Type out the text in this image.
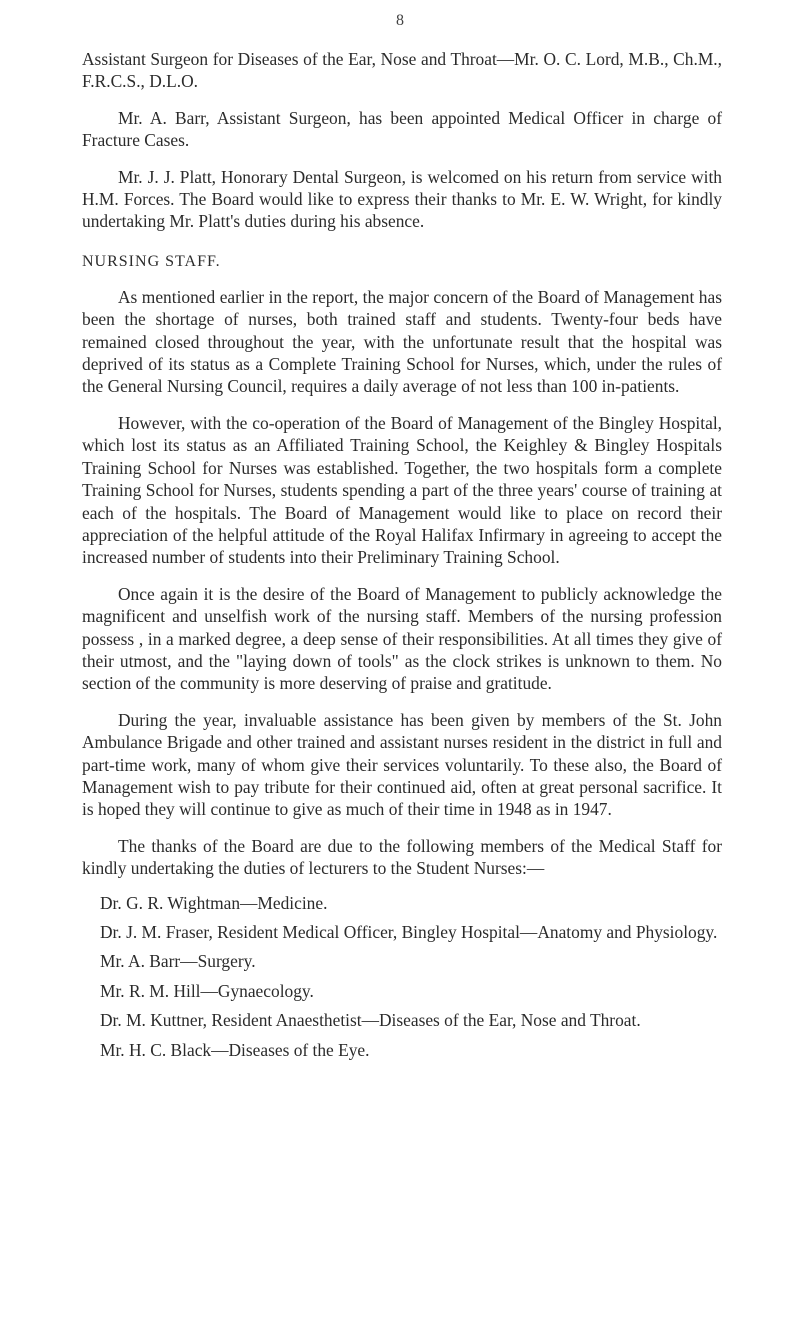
8

Assistant Surgeon for Diseases of the Ear, Nose and Throat—Mr. O. C. Lord, M.B., Ch.M., F.R.C.S., D.L.O.

Mr. A. Barr, Assistant Surgeon, has been appointed Medical Officer in charge of Fracture Cases.

Mr. J. J. Platt, Honorary Dental Surgeon, is welcomed on his return from service with H.M. Forces. The Board would like to express their thanks to Mr. E. W. Wright, for kindly undertaking Mr. Platt's duties during his absence.

NURSING STAFF.

As mentioned earlier in the report, the major concern of the Board of Management has been the shortage of nurses, both trained staff and students. Twenty-four beds have remained closed throughout the year, with the unfortunate result that the hospital was deprived of its status as a Complete Training School for Nurses, which, under the rules of the General Nursing Council, requires a daily average of not less than 100 in-patients.

However, with the co-operation of the Board of Management of the Bingley Hospital, which lost its status as an Affiliated Training School, the Keighley & Bingley Hospitals Training School for Nurses was established. Together, the two hospitals form a complete Training School for Nurses, students spending a part of the three years' course of training at each of the hospitals. The Board of Management would like to place on record their appreciation of the helpful attitude of the Royal Halifax Infirmary in agreeing to accept the increased number of students into their Preliminary Training School.

Once again it is the desire of the Board of Management to publicly acknowledge the magnificent and unselfish work of the nursing staff. Members of the nursing profession possess , in a marked degree, a deep sense of their responsibilities. At all times they give of their utmost, and the "laying down of tools" as the clock strikes is unknown to them. No section of the community is more deserving of praise and gratitude.

During the year, invaluable assistance has been given by members of the St. John Ambulance Brigade and other trained and assistant nurses resident in the district in full and part-time work, many of whom give their services voluntarily. To these also, the Board of Management wish to pay tribute for their continued aid, often at great personal sacrifice. It is hoped they will continue to give as much of their time in 1948 as in 1947.

The thanks of the Board are due to the following members of the Medical Staff for kindly undertaking the duties of lecturers to the Student Nurses:—

Dr. G. R. Wightman—Medicine.
Dr. J. M. Fraser, Resident Medical Officer, Bingley Hospital—Anatomy and Physiology.
Mr. A. Barr—Surgery.
Mr. R. M. Hill—Gynaecology.
Dr. M. Kuttner, Resident Anaesthetist—Diseases of the Ear, Nose and Throat.
Mr. H. C. Black—Diseases of the Eye.
